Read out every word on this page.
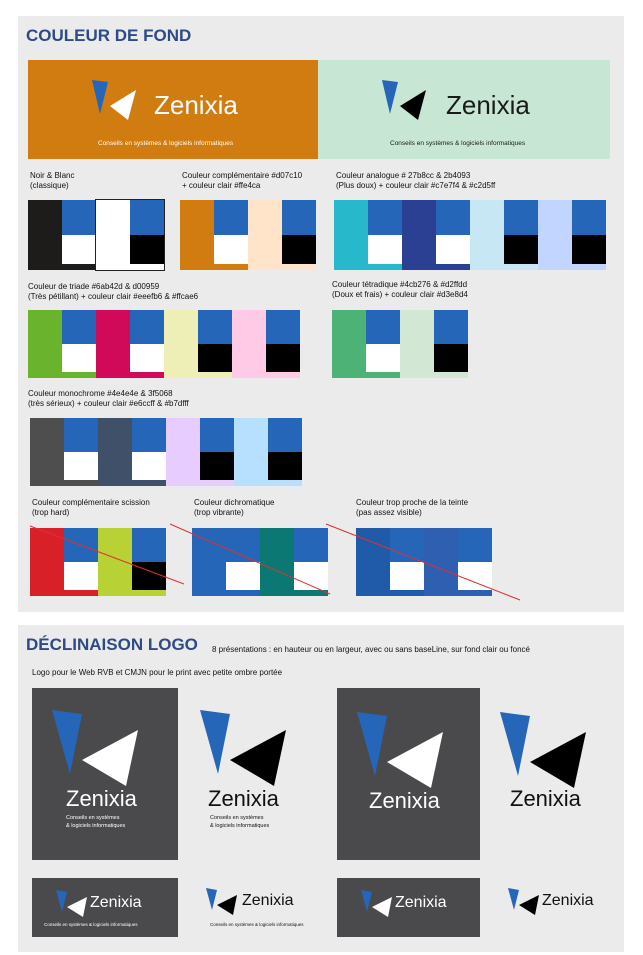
COULEUR DE FOND
Zenixia
Conseils en systèmes & logiciels informatiques
Zenixia
Conseils en systèmes & logiciels informatiques
Noir & Blanc
(classique)
Couleur complémentaire #d07c10
+ couleur clair #ffe4ca
Couleur analogue # 27b8cc & 2b4093
(Plus doux) + couleur clair #c7e7f4 & #c2d5ff
Couleur de triade #6ab42d & d00959
(Très pétillant) + couleur clair #eeefb6 & #ffcae6
Couleur tétradique #4cb276 & #d2ffdd
(Doux et frais) + couleur clair #d3e8d4
Couleur monochrome #4e4e4e & 3f5068
(très sérieux) + couleur clair #e6ccff & #b7dfff
Couleur complémentaire scission
(trop hard)
Couleur dichromatique
(trop vibrante)
Couleur trop proche de la teinte
(pas assez visible)
DÉCLINAISON LOGO 8 présentations : en hauteur ou en largeur, avec ou sans baseLine, sur fond clair ou foncé
Logo pour le Web RVB et CMJN pour le print avec petite ombre portée
Zenixia
Conseils en systèmes
& logiciels informatiques
Zenixia
Conseils en systèmes
& logiciels informatiques
Zenixia	Zenixia
Zenixia
Conseils en systèmes & logiciels informatiques
Zenixia
Conseils en systèmes & logiciels informatiques
Zenixia	Zenixia
